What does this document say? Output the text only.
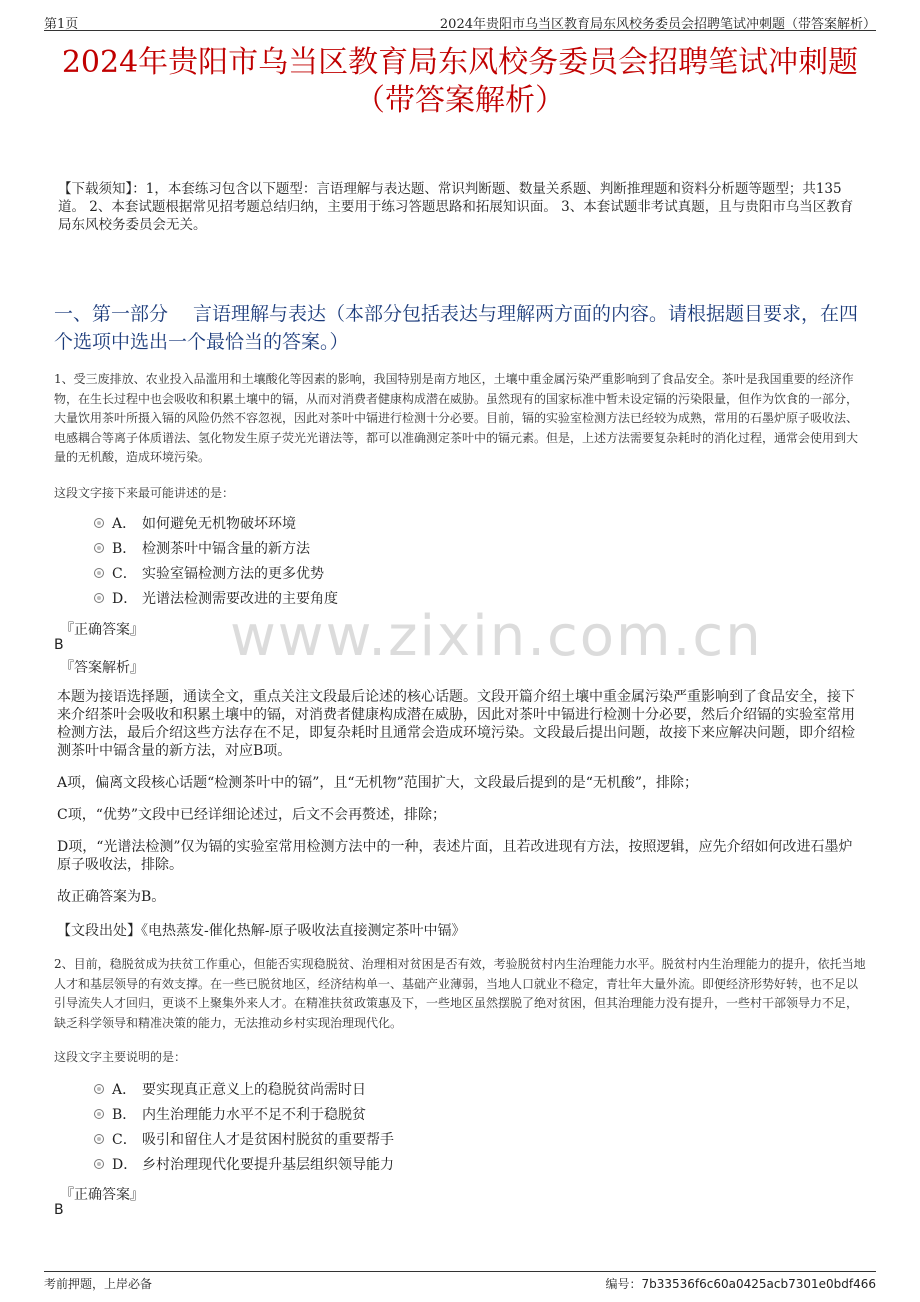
第1页	2024年贵阳市乌当区教育局东风校务委员会招聘笔试冲刺题（带答案解析）
2024年贵阳市乌当区教育局东风校务委员会招聘笔试冲刺题
（带答案解析）
【下载须知】：1，本套练习包含以下题型：言语理解与表达题、常识判断题、数量关系题、判断推理题和资料分析题等题型；共135道。 2、本套试题根据常见招考题总结归纳，主要用于练习答题思路和拓展知识面。 3、本套试题非考试真题，且与贵阳市乌当区教育局东风校务委员会无关。
一、第一部分　 言语理解与表达（本部分包括表达与理解两方面的内容。请根据题目要求，在四个选项中选出一个最恰当的答案。）
1、受三废排放、农业投入品滥用和土壤酸化等因素的影响，我国特别是南方地区，土壤中重金属污染严重影响到了食品安全。茶叶是我国重要的经济作物，在生长过程中也会吸收和积累土壤中的镉，从而对消费者健康构成潜在威胁。虽然现有的国家标准中暂未设定镉的污染限量，但作为饮食的一部分，大量饮用茶叶所摄入镉的风险仍然不容忽视，因此对茶叶中镉进行检测十分必要。目前，镉的实验室检测方法已经较为成熟，常用的石墨炉原子吸收法、电感耦合等离子体质谱法、氢化物发生原子荧光光谱法等，都可以准确测定茶叶中的镉元素。但是，上述方法需要复杂耗时的消化过程，通常会使用到大量的无机酸，造成环境污染。
这段文字接下来最可能讲述的是：
A． 如何避免无机物破坏环境
B． 检测茶叶中镉含量的新方法
C． 实验室镉检测方法的更多优势
D． 光谱法检测需要改进的主要角度
www.zixin.com.cn
『正确答案』
B
『答案解析』
本题为接语选择题，通读全文，重点关注文段最后论述的核心话题。文段开篇介绍土壤中重金属污染严重影响到了食品安全，接下来介绍茶叶会吸收和积累土壤中的镉，对消费者健康构成潜在威胁，因此对茶叶中镉进行检测十分必要，然后介绍镉的实验室常用检测方法，最后介绍这些方法存在不足，即复杂耗时且通常会造成环境污染。文段最后提出问题，故接下来应解决问题，即介绍检测茶叶中镉含量的新方法，对应B项。
A项，偏离文段核心话题“检测茶叶中的镉”，且“无机物”范围扩大，文段最后提到的是“无机酸”，排除；
C项，“优势”文段中已经详细论述过，后文不会再赘述，排除；
D项，“光谱法检测”仅为镉的实验室常用检测方法中的一种，表述片面，且若改进现有方法，按照逻辑，应先介绍如何改进石墨炉原子吸收法，排除。
故正确答案为B。
【文段出处】《电热蒸发-催化热解-原子吸收法直接测定茶叶中镉》
2、目前，稳脱贫成为扶贫工作重心，但能否实现稳脱贫、治理相对贫困是否有效，考验脱贫村内生治理能力水平。脱贫村内生治理能力的提升，依托当地人才和基层领导的有效支撑。在一些已脱贫地区，经济结构单一、基础产业薄弱，当地人口就业不稳定，青壮年大量外流。即便经济形势好转，也不足以引导流失人才回归，更谈不上聚集外来人才。在精准扶贫政策惠及下，一些地区虽然摆脱了绝对贫困，但其治理能力没有提升，一些村干部领导力不足，缺乏科学领导和精准决策的能力，无法推动乡村实现治理现代化。
这段文字主要说明的是：
A． 要实现真正意义上的稳脱贫尚需时日
B． 内生治理能力水平不足不利于稳脱贫
C． 吸引和留住人才是贫困村脱贫的重要帮手
D． 乡村治理现代化要提升基层组织领导能力
『正确答案』
B
考前押题，上岸必备	编号：7b33536f6c60a0425acb7301e0bdf466
